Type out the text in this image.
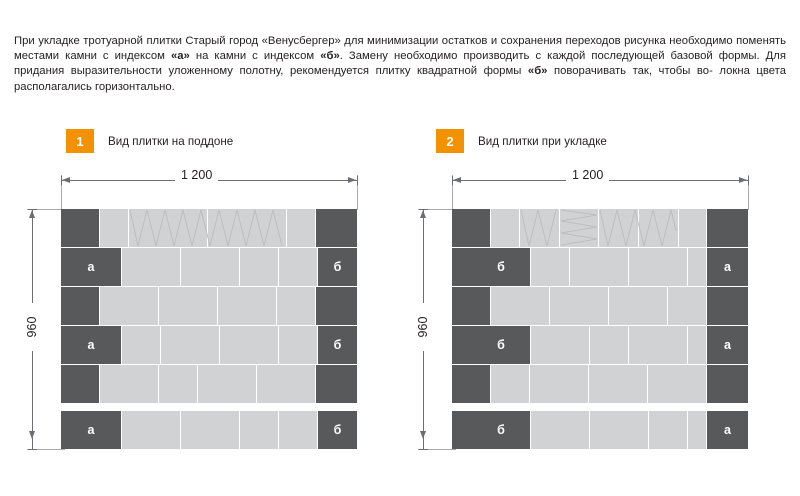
При укладке тротуарной плитки Старый город «Венусбергер» для минимизации остатков и сохранения переходов рисунка необходимо поменять местами камни с индексом «а» на камни с индексом «б». Замену необходимо производить с каждой последующей базовой формы. Для придания выразительности уложенному полотну, рекомендуется плитку квадратной формы «б» поворачивать так, чтобы во- локна цвета располагались горизонтально.
1	Вид плитки на поддоне	2	Вид плитки при укладке
1 200
960
а	б
а	б
а	б
1 200
960
б	а
б	а
б	а
